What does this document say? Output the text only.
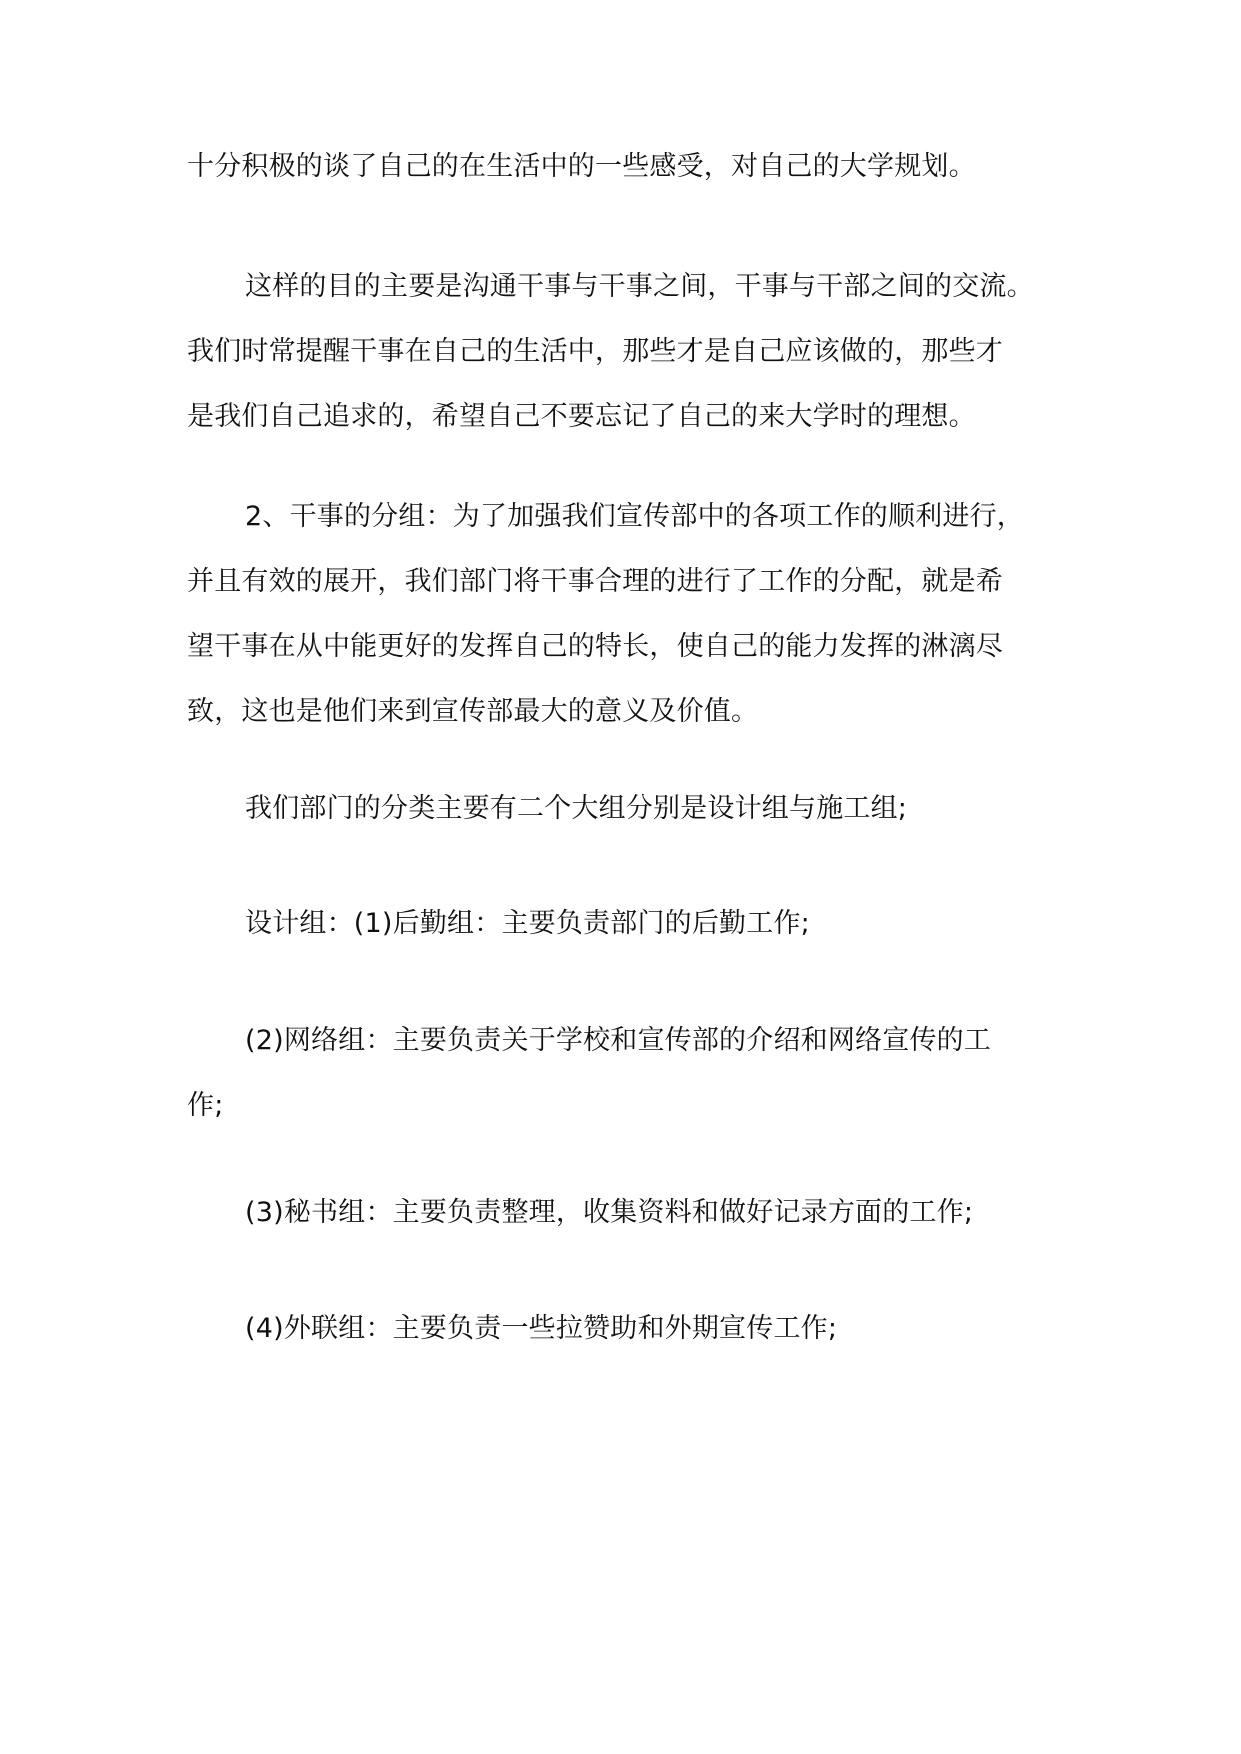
十分积极的谈了自己的在生活中的一些感受，对自己的大学规划。

这样的目的主要是沟通干事与干事之间，干事与干部之间的交流。
我们时常提醒干事在自己的生活中，那些才是自己应该做的，那些才
是我们自己追求的，希望自己不要忘记了自己的来大学时的理想。

2、干事的分组：为了加强我们宣传部中的各项工作的顺利进行，
并且有效的展开，我们部门将干事合理的进行了工作的分配，就是希
望干事在从中能更好的发挥自己的特长，使自己的能力发挥的淋漓尽
致，这也是他们来到宣传部最大的意义及价值。

我们部门的分类主要有二个大组分别是设计组与施工组;

设计组：(1)后勤组：主要负责部门的后勤工作;

(2)网络组：主要负责关于学校和宣传部的介绍和网络宣传的工
作;

(3)秘书组：主要负责整理，收集资料和做好记录方面的工作;

(4)外联组：主要负责一些拉赞助和外期宣传工作;
